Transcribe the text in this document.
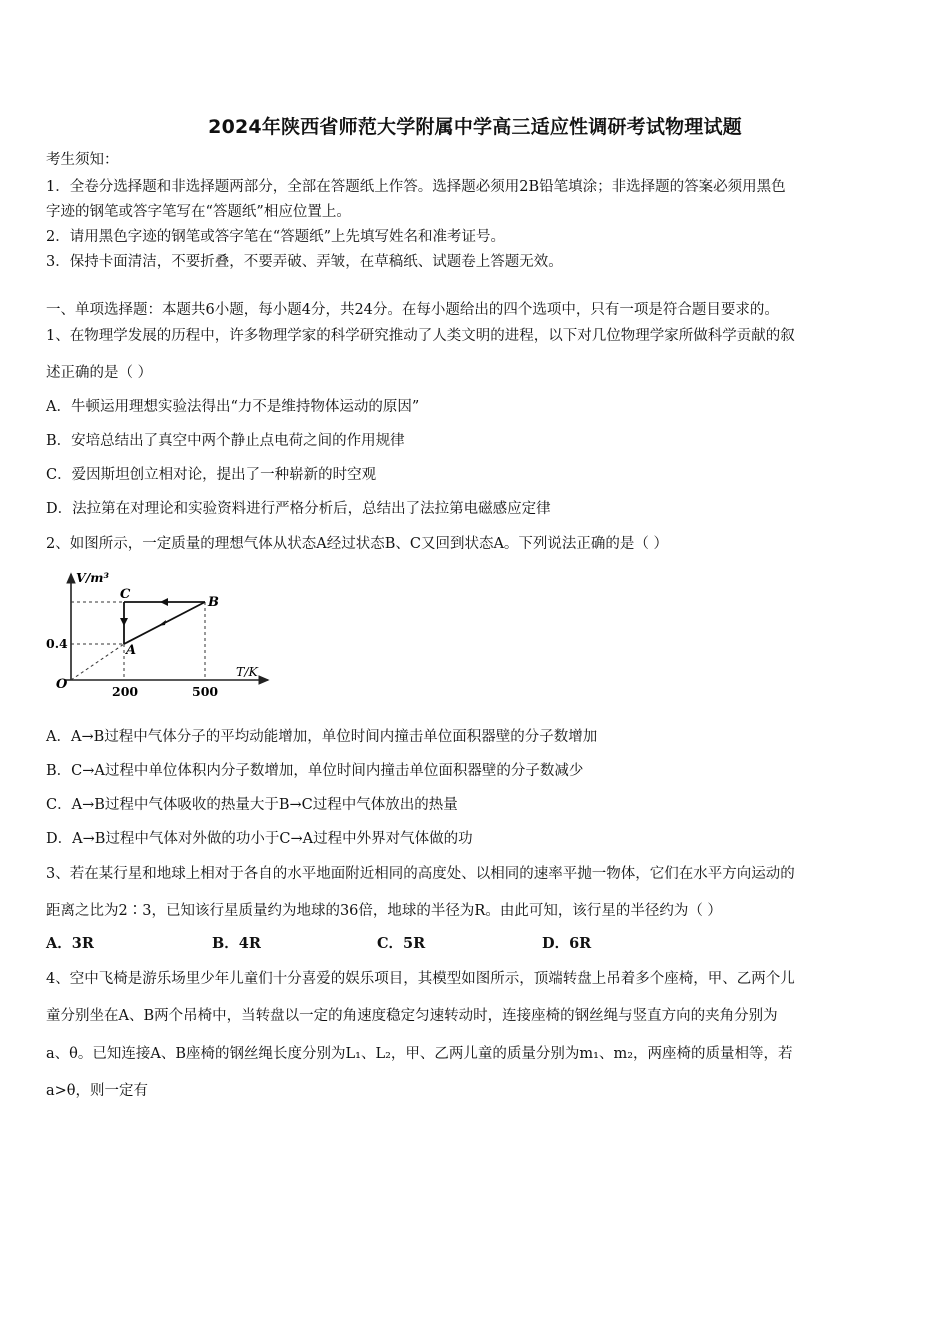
2024年陕西省师范大学附属中学高三适应性调研考试物理试题
考生须知：
1．全卷分选择题和非选择题两部分，全部在答题纸上作答。选择题必须用2B铅笔填涂；非选择题的答案必须用黑色
字迹的钢笔或答字笔写在“答题纸”相应位置上。
2．请用黑色字迹的钢笔或答字笔在“答题纸”上先填写姓名和准考证号。
3．保持卡面清洁，不要折叠，不要弄破、弄皱，在草稿纸、试题卷上答题无效。
一、单项选择题：本题共6小题，每小题4分，共24分。在每小题给出的四个选项中，只有一项是符合题目要求的。
1、在物理学发展的历程中，许多物理学家的科学研究推动了人类文明的进程，以下对几位物理学家所做科学贡献的叙
述正确的是（ ）
A．牛顿运用理想实验法得出“力不是维持物体运动的原因”
B．安培总结出了真空中两个静止点电荷之间的作用规律
C．爱因斯坦创立相对论，提出了一种崭新的时空观
D．法拉第在对理论和实验资料进行严格分析后，总结出了法拉第电磁感应定律
2、如图所示，一定质量的理想气体从状态A经过状态B、C又回到状态A。下列说法正确的是（ ）
V/m³
T/K
O
0.4
200	500
C
B
A
A．A→B过程中气体分子的平均动能增加，单位时间内撞击单位面积器壁的分子数增加
B．C→A过程中单位体积内分子数增加，单位时间内撞击单位面积器壁的分子数减少
C．A→B过程中气体吸收的热量大于B→C过程中气体放出的热量
D．A→B过程中气体对外做的功小于C→A过程中外界对气体做的功
3、若在某行星和地球上相对于各自的水平地面附近相同的高度处、以相同的速率平抛一物体，它们在水平方向运动的
距离之比为2∶3，已知该行星质量约为地球的36倍，地球的半径为R。由此可知，该行星的半径约为（ ）
A．3R	B．4R	C．5R	D．6R
4、空中飞椅是游乐场里少年儿童们十分喜爱的娱乐项目，其模型如图所示，顶端转盘上吊着多个座椅，甲、乙两个儿
童分别坐在A、B两个吊椅中，当转盘以一定的角速度稳定匀速转动时，连接座椅的钢丝绳与竖直方向的夹角分别为
a、θ。已知连接A、B座椅的钢丝绳长度分别为L₁、L₂，甲、乙两儿童的质量分别为m₁、m₂，两座椅的质量相等，若
a>θ，则一定有
